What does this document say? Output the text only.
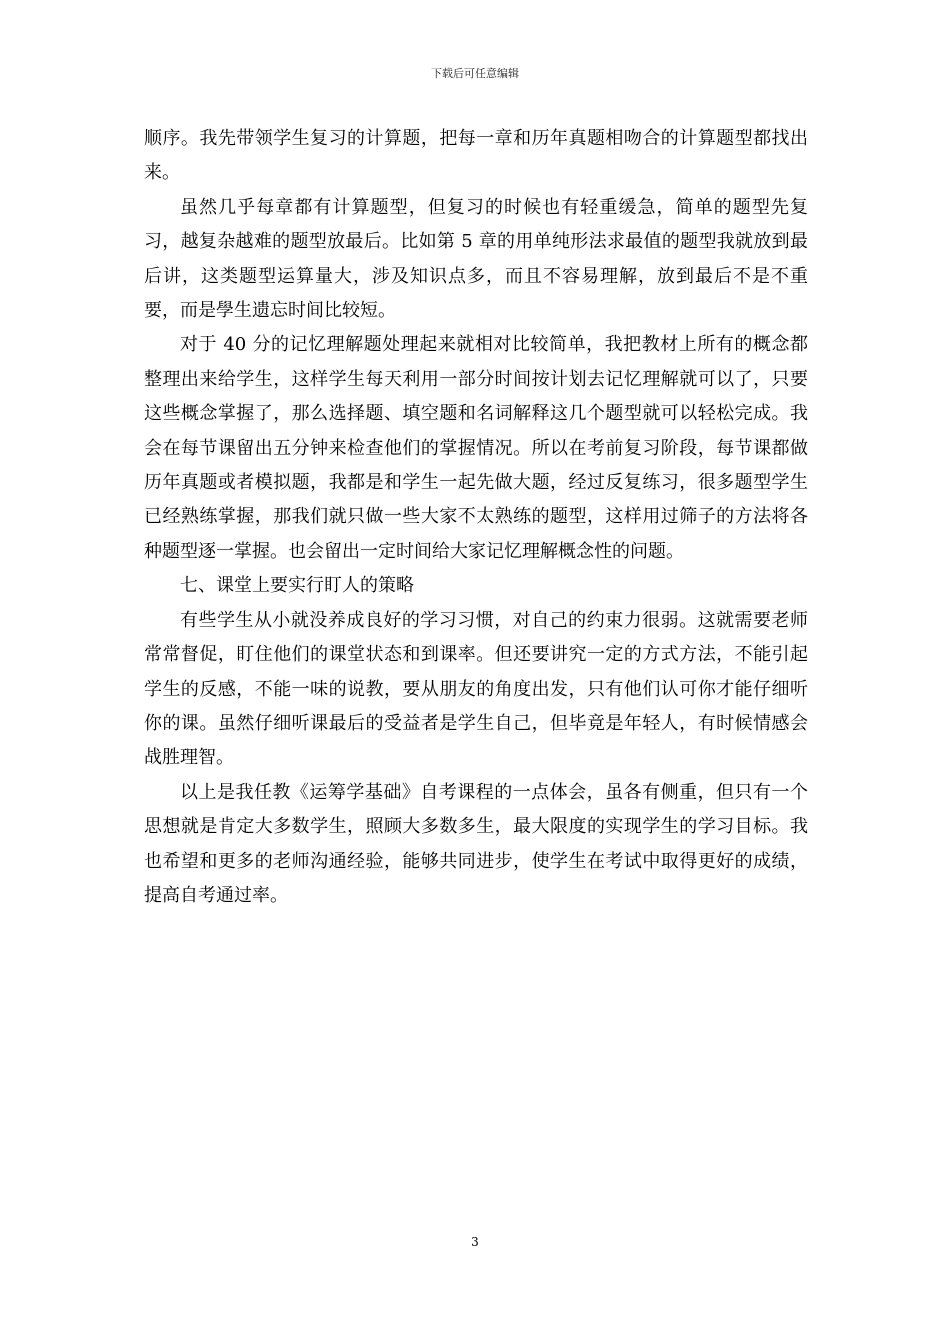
下载后可任意编辑

顺序。我先带领学生复习的计算题，把每一章和历年真题相吻合的计算题型都找出来。

虽然几乎每章都有计算题型，但复习的时候也有轻重缓急，简单的题型先复习，越复杂越难的题型放最后。比如第 5 章的用单纯形法求最值的题型我就放到最后讲，这类题型运算量大，涉及知识点多，而且不容易理解，放到最后不是不重要，而是學生遗忘时间比较短。

对于 40 分的记忆理解题处理起来就相对比较简单，我把教材上所有的概念都整理出来给学生，这样学生每天利用一部分时间按计划去记忆理解就可以了，只要这些概念掌握了，那么选择题、填空题和名词解释这几个题型就可以轻松完成。我会在每节课留出五分钟来检查他们的掌握情况。所以在考前复习阶段，每节课都做历年真题或者模拟题，我都是和学生一起先做大题，经过反复练习，很多题型学生已经熟练掌握，那我们就只做一些大家不太熟练的题型，这样用过筛子的方法将各种题型逐一掌握。也会留出一定时间给大家记忆理解概念性的问题。

七、课堂上要实行盯人的策略

有些学生从小就没养成良好的学习习惯，对自己的约束力很弱。这就需要老师常常督促，盯住他们的课堂状态和到课率。但还要讲究一定的方式方法，不能引起学生的反感，不能一味的说教，要从朋友的角度出发，只有他们认可你才能仔细听你的课。虽然仔细听课最后的受益者是学生自己，但毕竟是年轻人，有时候情感会战胜理智。

以上是我任教《运筹学基础》自考课程的一点体会，虽各有侧重，但只有一个思想就是肯定大多数学生，照顾大多数多生，最大限度的实现学生的学习目标。我也希望和更多的老师沟通经验，能够共同进步，使学生在考试中取得更好的成绩，提高自考通过率。

3
